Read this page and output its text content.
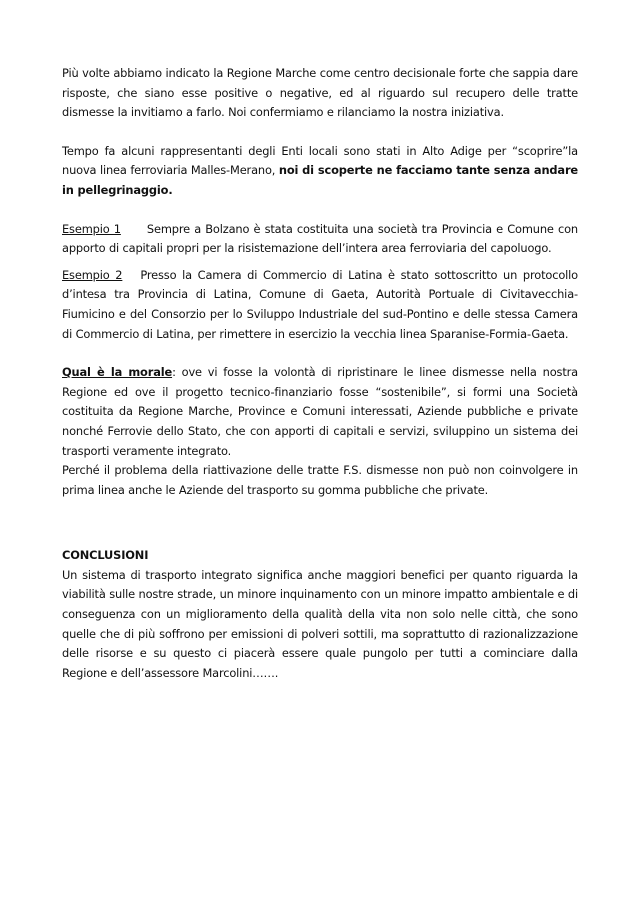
Più volte abbiamo indicato la Regione Marche come centro decisionale forte che sappia dare risposte, che siano esse positive o negative, ed al riguardo sul recupero delle tratte dismesse la invitiamo a farlo. Noi confermiamo e rilanciamo la nostra iniziativa.

Tempo fa alcuni rappresentanti degli Enti locali sono stati in Alto Adige per “scoprire”la nuova linea ferroviaria Malles-Merano, noi di scoperte ne facciamo tante senza andare in pellegrinaggio.

Esempio 1 Sempre a Bolzano è stata costituita una società tra Provincia e Comune con apporto di capitali propri per la risistemazione dell’intera area ferroviaria del capoluogo.

Esempio 2 Presso la Camera di Commercio di Latina è stato sottoscritto un protocollo d’intesa tra Provincia di Latina, Comune di Gaeta, Autorità Portuale di Civitavecchia-Fiumicino e del Consorzio per lo Sviluppo Industriale del sud-Pontino e delle stessa Camera di Commercio di Latina, per rimettere in esercizio la vecchia linea Sparanise-Formia-Gaeta.

Qual è la morale: ove vi fosse la volontà di ripristinare le linee dismesse nella nostra Regione ed ove il progetto tecnico-finanziario fosse “sostenibile”, si formi una Società costituita da Regione Marche, Province e Comuni interessati, Aziende pubbliche e private nonché Ferrovie dello Stato, che con apporti di capitali e servizi, sviluppino un sistema dei trasporti veramente integrato.

Perché il problema della riattivazione delle tratte F.S. dismesse non può non coinvolgere in prima linea anche le Aziende del trasporto su gomma pubbliche che private.

CONCLUSIONI

Un sistema di trasporto integrato significa anche maggiori benefici per quanto riguarda la viabilità sulle nostre strade, un minore inquinamento con un minore impatto ambientale e di conseguenza con un miglioramento della qualità della vita non solo nelle città, che sono quelle che di più soffrono per emissioni di polveri sottili, ma soprattutto di razionalizzazione delle risorse e su questo ci piacerà essere quale pungolo per tutti a cominciare dalla Regione e dell’assessore Marcolini…….
